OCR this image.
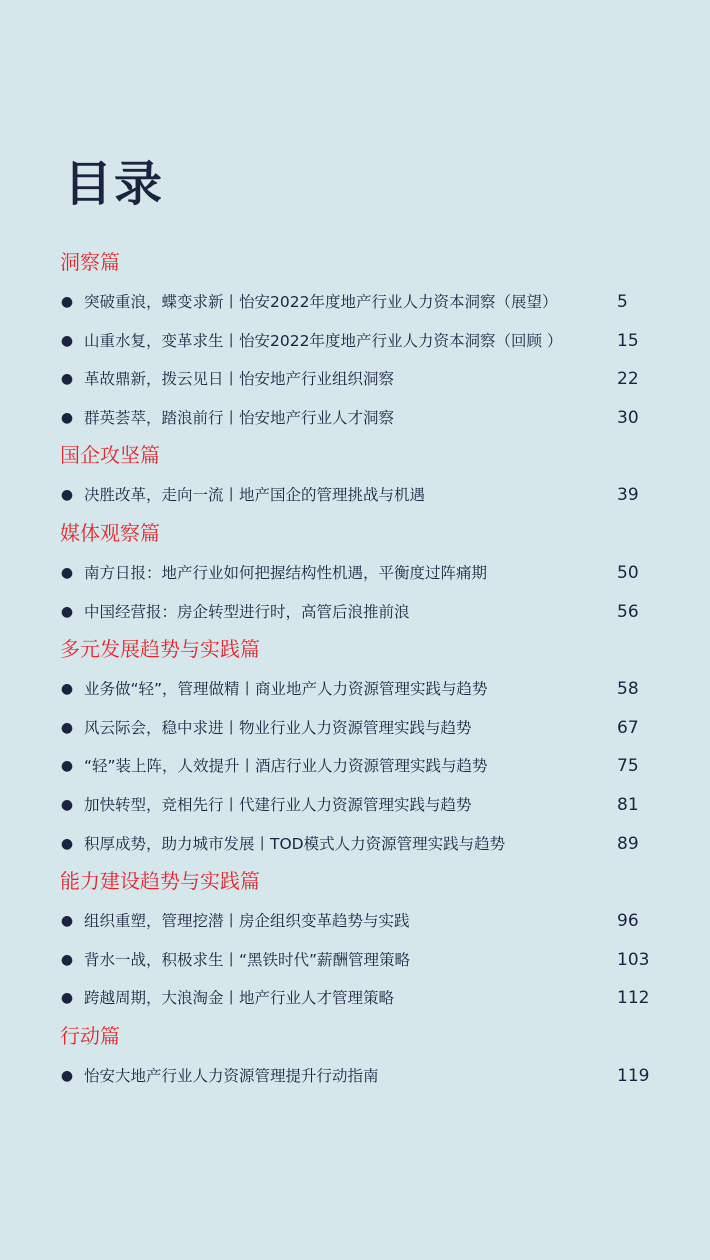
目录
洞察篇
● 突破重浪，蝶变求新丨怡安2022年度地产行业人力资本洞察（展望）	5
● 山重水复，变革求生丨怡安2022年度地产行业人力资本洞察（回顾 ）	15
● 革故鼎新，拨云见日丨怡安地产行业组织洞察	22
● 群英荟萃，踏浪前行丨怡安地产行业人才洞察	30
国企攻坚篇
● 决胜改革，走向一流丨地产国企的管理挑战与机遇	39
媒体观察篇
● 南方日报：地产行业如何把握结构性机遇，平衡度过阵痛期	50
● 中国经营报：房企转型进行时，高管后浪推前浪	56
多元发展趋势与实践篇
● 业务做“轻”，管理做精丨商业地产人力资源管理实践与趋势	58
● 风云际会，稳中求进丨物业行业人力资源管理实践与趋势	67
● “轻”装上阵，人效提升丨酒店行业人力资源管理实践与趋势	75
● 加快转型，竞相先行丨代建行业人力资源管理实践与趋势	81
● 积厚成势，助力城市发展丨TOD模式人力资源管理实践与趋势	89
能力建设趋势与实践篇
● 组织重塑，管理挖潜丨房企组织变革趋势与实践	96
● 背水一战，积极求生丨“黑铁时代”薪酬管理策略	103
● 跨越周期，大浪淘金丨地产行业人才管理策略	112
行动篇
● 怡安大地产行业人力资源管理提升行动指南	119
